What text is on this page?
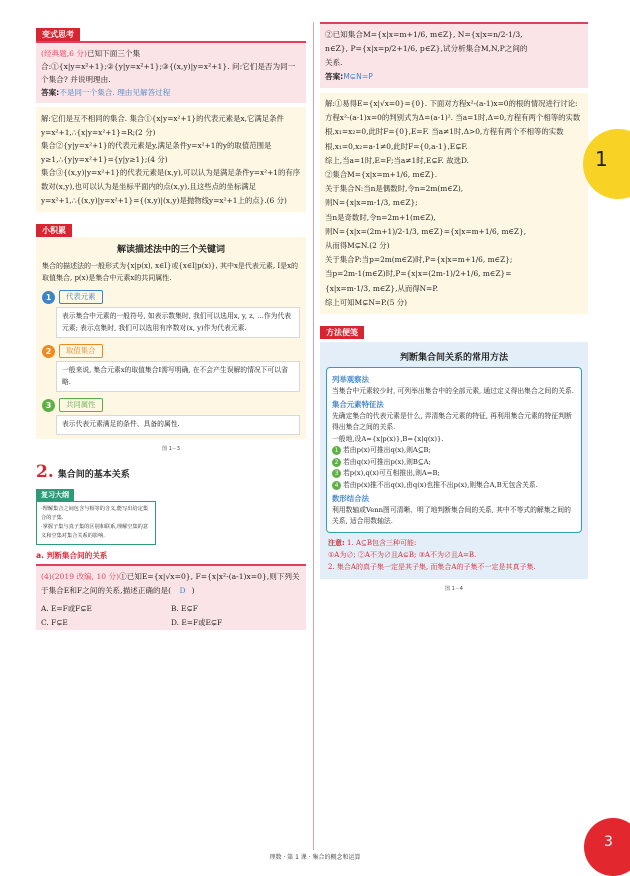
变式思考
(经典题,6 分)已知下面三个集合:①{x|y=x²+1};②{y|y=x²+1};③{(x,y)|y=x²+1}. 问:它们是否为同一个集合? 并说明理由.
答案:不是同一个集合. 理由见解答过程
解:它们是互不相同的集合. 集合①{x|y=x²+1}的代表元素是x,它满足条件y=x²+1,∴{x|y=x²+1}=R;(2 分)
集合②{y|y=x²+1}的代表元素是y,满足条件y=x²+1的y的取值范围是y≥1,∴{y|y=x²+1}={y|y≥1};(4 分)
集合③{(x,y)|y=x²+1}的代表元素是(x,y),可以认为是满足条件y=x²+1的有序数对(x,y),也可以认为是坐标平面内的点(x,y),且这些点的坐标满足y=x²+1,∴{(x,y)|y=x²+1}={(x,y)|(x,y)是抛物线y=x²+1上的点}.(6 分)
小积累
解读描述法中的三个关键词
集合的描述法的一般形式为{x|p(x), x∈I}或{x∈I|p(x)}, 其中x是代表元素, I是x的取值集合, p(x)是集合中元素x的共同属性.
1	代表元素
表示集合中元素的一般符号, 如表示数集时, 我们可以选用x, y, z, …作为代表元素; 表示点集时, 我们可以选用有序数对(x, y)作为代表元素.
2	取值集合
一般来说, 集合元素x的取值集合I需写明确, 在不会产生误解的情况下可以省略.
3	共同属性
表示代表元素满足的条件、具备的属性.
图 1－3
2. 集合间的基本关系
复习大纲
·理解集合之间包含与相等的含义,能写出给定集合的子集.
·掌握子集与真子集的区别和联系,理解空集的意义和空集对集合关系的影响.
a. 判断集合间的关系
(4)(2019 改编, 10 分)①已知E={x|√x=0}, F={x|x²-(a-1)x=0},则下列关于集合E和F之间的关系,描述正确的是( D )
A. E=F或F⊊E	B. E⊊F
C. F⊊E	D. E=F或E⊊F
②已知集合M={x|x=m+1/6, m∈Z}, N={x|x=n/2-1/3,
n∈Z}, P={x|x=p/2+1/6, p∈Z},试分析集合M,N,P之间的
关系.
答案:M⊊N=P
解:①易得E={x|√x=0}={0}. 下面对方程x²-(a-1)x=0的根的情况进行讨论:方程x²-(a-1)x=0的判别式为Δ=(a-1)². 当a=1时,Δ=0,方程有两个相等的实数根,x₁=x₂=0,此时F={0},E=F. 当a≠1时,Δ>0,方程有两个不相等的实数根,x₁=0,x₂=a-1≠0,此时F={0,a-1},E⊊F.
综上,当a=1时,E=F;当a≠1时,E⊊F. 故选D.
②集合M={x|x=m+1/6, m∈Z}.
关于集合N:当n是偶数时,令n=2m(m∈Z),
则N={x|x=m-1/3, m∈Z};
当n是奇数时,令n=2m+1(m∈Z),
则N={x|x=(2m+1)/2-1/3, m∈Z}={x|x=m+1/6, m∈Z},
从而得M⊊N.(2 分)
关于集合P:当p=2m(m∈Z)时,P={x|x=m+1/6, m∈Z};
当p=2m-1(m∈Z)时,P={x|x=(2m-1)/2+1/6, m∈Z}=
{x|x=m-1/3, m∈Z},从而得N=P.
综上可知M⊊N=P.(5 分)
方法便笺
判断集合间关系的常用方法
列举观察法
当集合中元素较少时, 可列举出集合中的全部元素, 通过定义得出集合之间的关系.
集合元素特征法
先确定集合的代表元素是什么, 弄清集合元素的特征, 再利用集合元素的特征判断得出集合之间的关系.
一般地,设A={x|p(x)},B={x|q(x)}.
1 若由p(x)可推出q(x),则A⊆B;
2 若由q(x)可推出p(x),则B⊆A;
3 若p(x),q(x)可互相推出,则A=B;
4 若由p(x)推不出q(x),由q(x)也推不出p(x),则集合A,B无包含关系.
数形结合法
利用数轴或Venn图可清晰、明了地判断集合间的关系, 其中不等式的解集之间的关系, 适合用数轴法.
注意: 1. A⊆B包含三种可能:
①A为∅; ②A不为∅且A⊊B; ③A不为∅且A=B.
2. 集合A的真子集一定是其子集, 而集合A的子集不一定是其真子集.
图 1－4
1
3
理数 · 第 1 课 · 集合的概念和运算
